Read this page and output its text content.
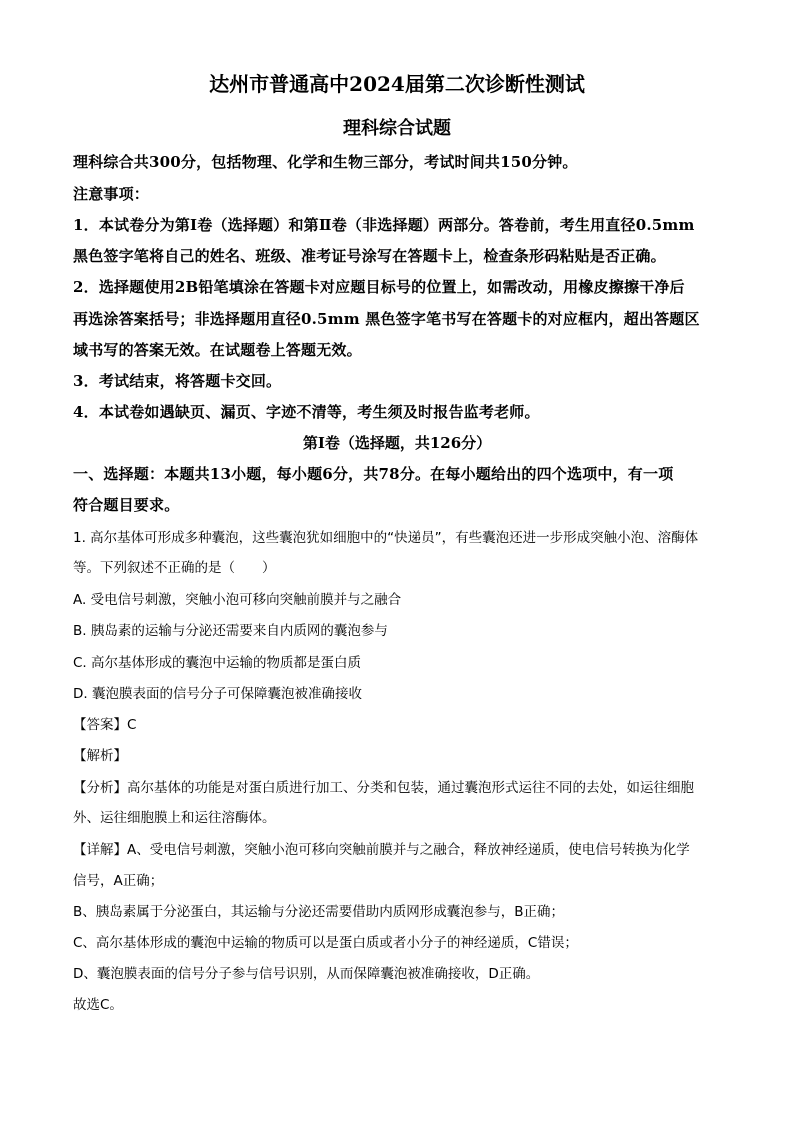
达州市普通高中2024届第二次诊断性测试
理科综合试题
理科综合共300分，包括物理、化学和生物三部分，考试时间共150分钟。
注意事项：
1．本试卷分为第Ⅰ卷（选择题）和第Ⅱ卷（非选择题）两部分。答卷前，考生用直径0.5mm
黑色签字笔将自己的姓名、班级、准考证号涂写在答题卡上，检查条形码粘贴是否正确。
2．选择题使用2B铅笔填涂在答题卡对应题目标号的位置上，如需改动，用橡皮擦擦干净后
再选涂答案括号；非选择题用直径0.5mm 黑色签字笔书写在答题卡的对应框内，超出答题区
域书写的答案无效。在试题卷上答题无效。
3．考试结束，将答题卡交回。
4．本试卷如遇缺页、漏页、字迹不清等，考生须及时报告监考老师。
第Ⅰ卷（选择题，共126分）
一、选择题：本题共13小题，每小题6分，共78分。在每小题给出的四个选项中，有一项
符合题目要求。
1. 高尔基体可形成多种囊泡，这些囊泡犹如细胞中的“快递员”，有些囊泡还进一步形成突触小泡、溶酶体
等。下列叙述不正确的是（　　）
A. 受电信号刺激，突触小泡可移向突触前膜并与之融合
B. 胰岛素的运输与分泌还需要来自内质网的囊泡参与
C. 高尔基体形成的囊泡中运输的物质都是蛋白质
D. 囊泡膜表面的信号分子可保障囊泡被准确接收
【答案】C
【解析】
【分析】高尔基体的功能是对蛋白质进行加工、分类和包装，通过囊泡形式运往不同的去处，如运往细胞
外、运往细胞膜上和运往溶酶体。
【详解】A、受电信号刺激，突触小泡可移向突触前膜并与之融合，释放神经递质，使电信号转换为化学
信号，A正确；
B、胰岛素属于分泌蛋白，其运输与分泌还需要借助内质网形成囊泡参与，B正确；
C、高尔基体形成的囊泡中运输的物质可以是蛋白质或者小分子的神经递质，C错误；
D、囊泡膜表面的信号分子参与信号识别，从而保障囊泡被准确接收，D正确。
故选C。
